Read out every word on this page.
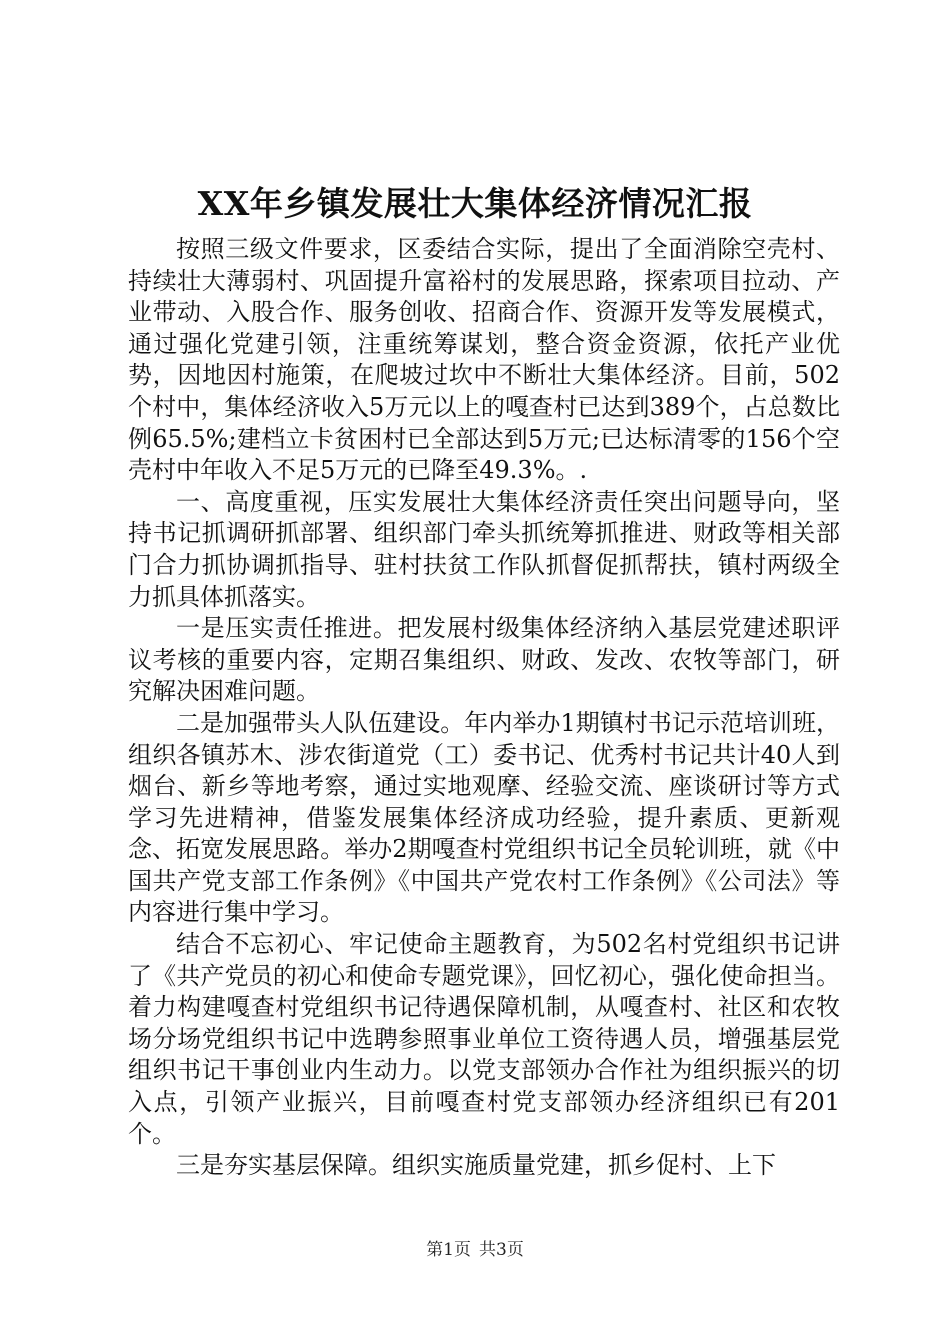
XX年乡镇发展壮大集体经济情况汇报

按照三级文件要求，区委结合实际，提出了全面消除空壳村、持续壮大薄弱村、巩固提升富裕村的发展思路，探索项目拉动、产业带动、入股合作、服务创收、招商合作、资源开发等发展模式，通过强化党建引领，注重统筹谋划，整合资金资源，依托产业优势，因地因村施策，在爬坡过坎中不断壮大集体经济。目前，502个村中，集体经济收入5万元以上的嘎查村已达到389个，占总数比例65.5%;建档立卡贫困村已全部达到5万元;已达标清零的156个空壳村中年收入不足5万元的已降至49.3%。.

一、高度重视，压实发展壮大集体经济责任突出问题导向，坚持书记抓调研抓部署、组织部门牵头抓统筹抓推进、财政等相关部门合力抓协调抓指导、驻村扶贫工作队抓督促抓帮扶，镇村两级全力抓具体抓落实。

一是压实责任推进。把发展村级集体经济纳入基层党建述职评议考核的重要内容，定期召集组织、财政、发改、农牧等部门，研究解决困难问题。

二是加强带头人队伍建设。年内举办1期镇村书记示范培训班，组织各镇苏木、涉农街道党（工）委书记、优秀村书记共计40人到烟台、新乡等地考察，通过实地观摩、经验交流、座谈研讨等方式学习先进精神，借鉴发展集体经济成功经验，提升素质、更新观念、拓宽发展思路。举办2期嘎查村党组织书记全员轮训班，就《中国共产党支部工作条例》《中国共产党农村工作条例》《公司法》等内容进行集中学习。

结合不忘初心、牢记使命主题教育，为502名村党组织书记讲了《共产党员的初心和使命专题党课》，回忆初心，强化使命担当。着力构建嘎查村党组织书记待遇保障机制，从嘎查村、社区和农牧场分场党组织书记中选聘参照事业单位工资待遇人员，增强基层党组织书记干事创业内生动力。以党支部领办合作社为组织振兴的切入点，引领产业振兴，目前嘎查村党支部领办经济组织已有201个。

三是夯实基层保障。组织实施质量党建，抓乡促村、上下

第1页 共3页
